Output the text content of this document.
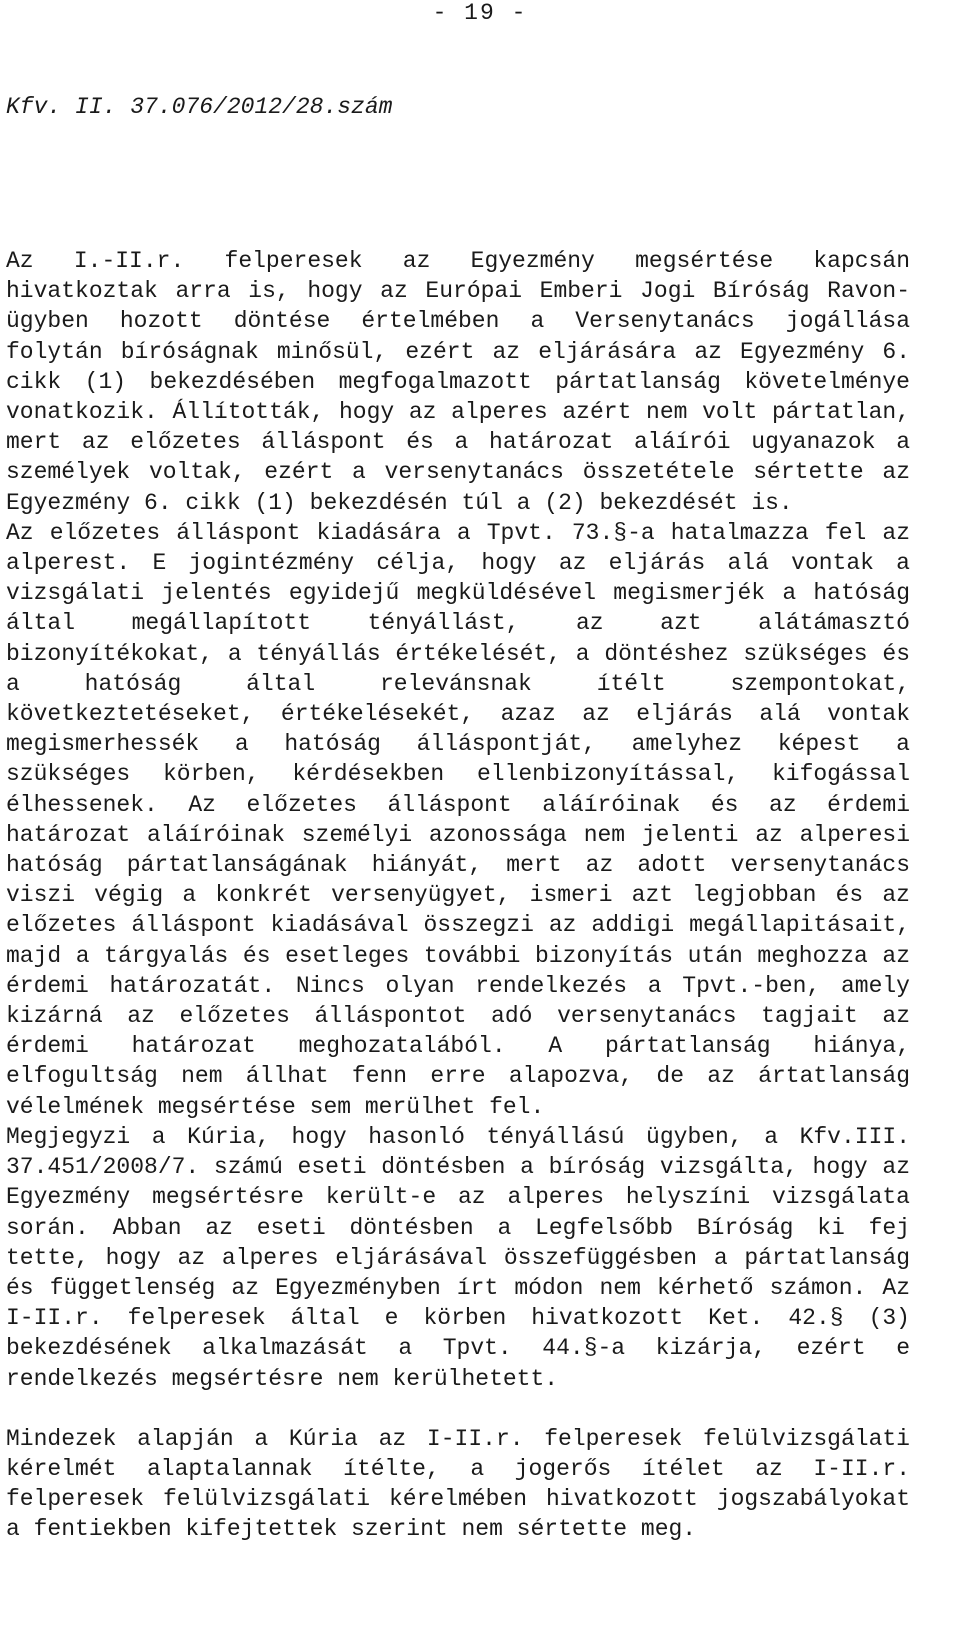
- 19 -
Kfv. II. 37.076/2012/28.szám

Az I.-II.r. felperesek az Egyezmény megsértése kapcsán hivatkoztak arra is, hogy az Európai Emberi Jogi Bíróság Ravon-ügyben hozott döntése értelmében a Versenytanács jogállása folytán bíróságnak minősül, ezért az eljárására az Egyezmény 6. cikk (1) bekezdésében megfogalmazott pártatlanság követelménye vonatkozik. Állították, hogy az alperes azért nem volt pártatlan, mert az előzetes álláspont és a határozat aláírói ugyanazok a személyek voltak, ezért a versenytanács összetétele sértette az Egyezmény 6. cikk (1) bekezdésén túl a (2) bekezdését is.

Az előzetes álláspont kiadására a Tpvt. 73.§-a hatalmazza fel az alperest. E jogintézmény célja, hogy az eljárás alá vontak a vizsgálati jelentés egyidejű megküldésével megismerjék a hatóság által megállapított tényállást, az azt alátámasztó bizonyítékokat, a tényállás értékelését, a döntéshez szükséges és a hatóság által relevánsnak ítélt szempontokat, következtetéseket, értékelésekét, azaz az eljárás alá vontak megismerhessék a hatóság álláspontját, amelyhez képest a szükséges körben, kérdésekben ellenbizonyítással, kifogással élhessenek. Az előzetes álláspont aláíróinak és az érdemi határozat aláíróinak személyi azonossága nem jelenti az alperesi hatóság pártatlanságának hiányát, mert az adott versenytanács viszi végig a konkrét versenyügyet, ismeri azt legjobban és az előzetes álláspont kiadásával összegzi az addigi megállapitásait, majd a tárgyalás és esetleges további bizonyítás után meghozza az érdemi határozatát. Nincs olyan rendelkezés a Tpvt.-ben, amely kizárná az előzetes álláspontot adó versenytanács tagjait az érdemi határozat meghozatalából. A pártatlanság hiánya, elfogultság nem állhat fenn erre alapozva, de az ártatlanság vélelmének megsértése sem merülhet fel.

Megjegyzi a Kúria, hogy hasonló tényállású ügyben, a Kfv.III. 37.451/2008/7. számú eseti döntésben a bíróság vizsgálta, hogy az Egyezmény megsértésre került-e az alperes helyszíni vizsgálata során. Abban az eseti döntésben a Legfelsőbb Bíróság ki fej tette, hogy az alperes eljárásával összefüggésben a pártatlanság és függetlenség az Egyezményben írt módon nem kérhető számon. Az I-II.r. felperesek által e körben hivatkozott Ket. 42.§ (3) bekezdésének alkalmazását a Tpvt. 44.§-a kizárja, ezért e rendelkezés megsértésre nem kerülhetett.

Mindezek alapján a Kúria az I-II.r. felperesek felülvizsgálati kérelmét alaptalannak ítélte, a jogerős ítélet az I-II.r. felperesek felülvizsgálati kérelmében hivatkozott jogszabályokat a fentiekben kifejtettek szerint nem sértette meg.
